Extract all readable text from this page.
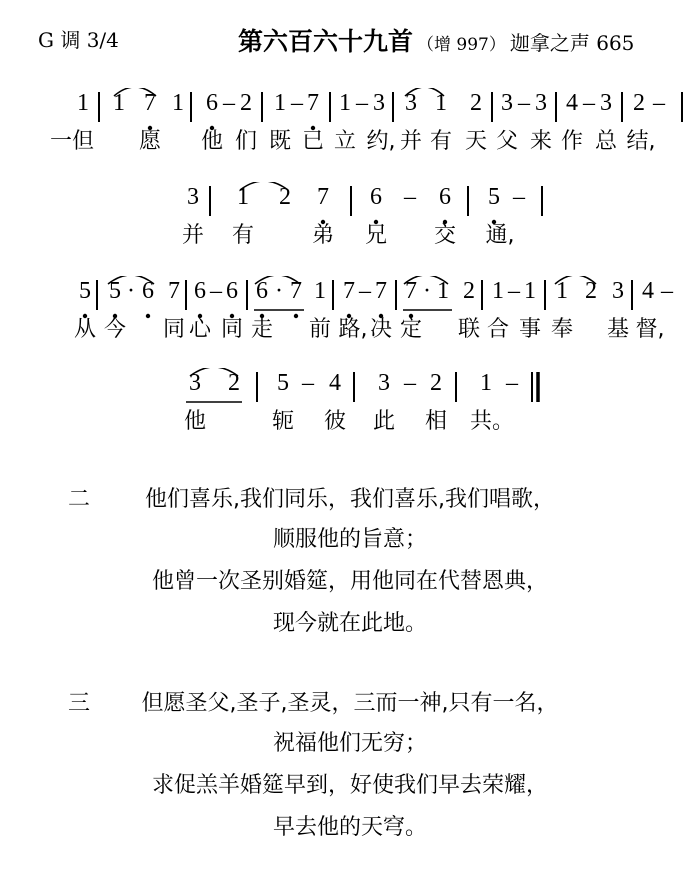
G 调 3/4	第六百六十九首 （增 997） 迦拿之声 665
1 1 7 1 6 – 2 1 – 7 1 – 3 3 1 2 3 – 3 4 – 3 2 –
一但 愿 他 们 既 已 立 约, 并 有 天 父 来 作 总 结,
3 1 2 7 6 – 6 5 –
并 有	弟 兄 交 通,
5 5 · 6 7 6 – 6 6 · 7 1 7 – 7 7 · 1 2 1 – 1 1 2 3 4 –
从 今 同 心 同 走 前 路, 决 定 联 合 事 奉 基 督,
3 2 5 – 4 3 – 2 1 –
他	轭 彼 此 相 共。
二	他们喜乐,我们同乐，我们喜乐,我们唱歌，
顺服他的旨意；
他曾一次圣别婚筵，用他同在代替恩典，
现今就在此地。
三	但愿圣父,圣子,圣灵，三而一神,只有一名，
祝福他们无穷；
求促羔羊婚筵早到，好使我们早去荣耀，
早去他的天穹。
